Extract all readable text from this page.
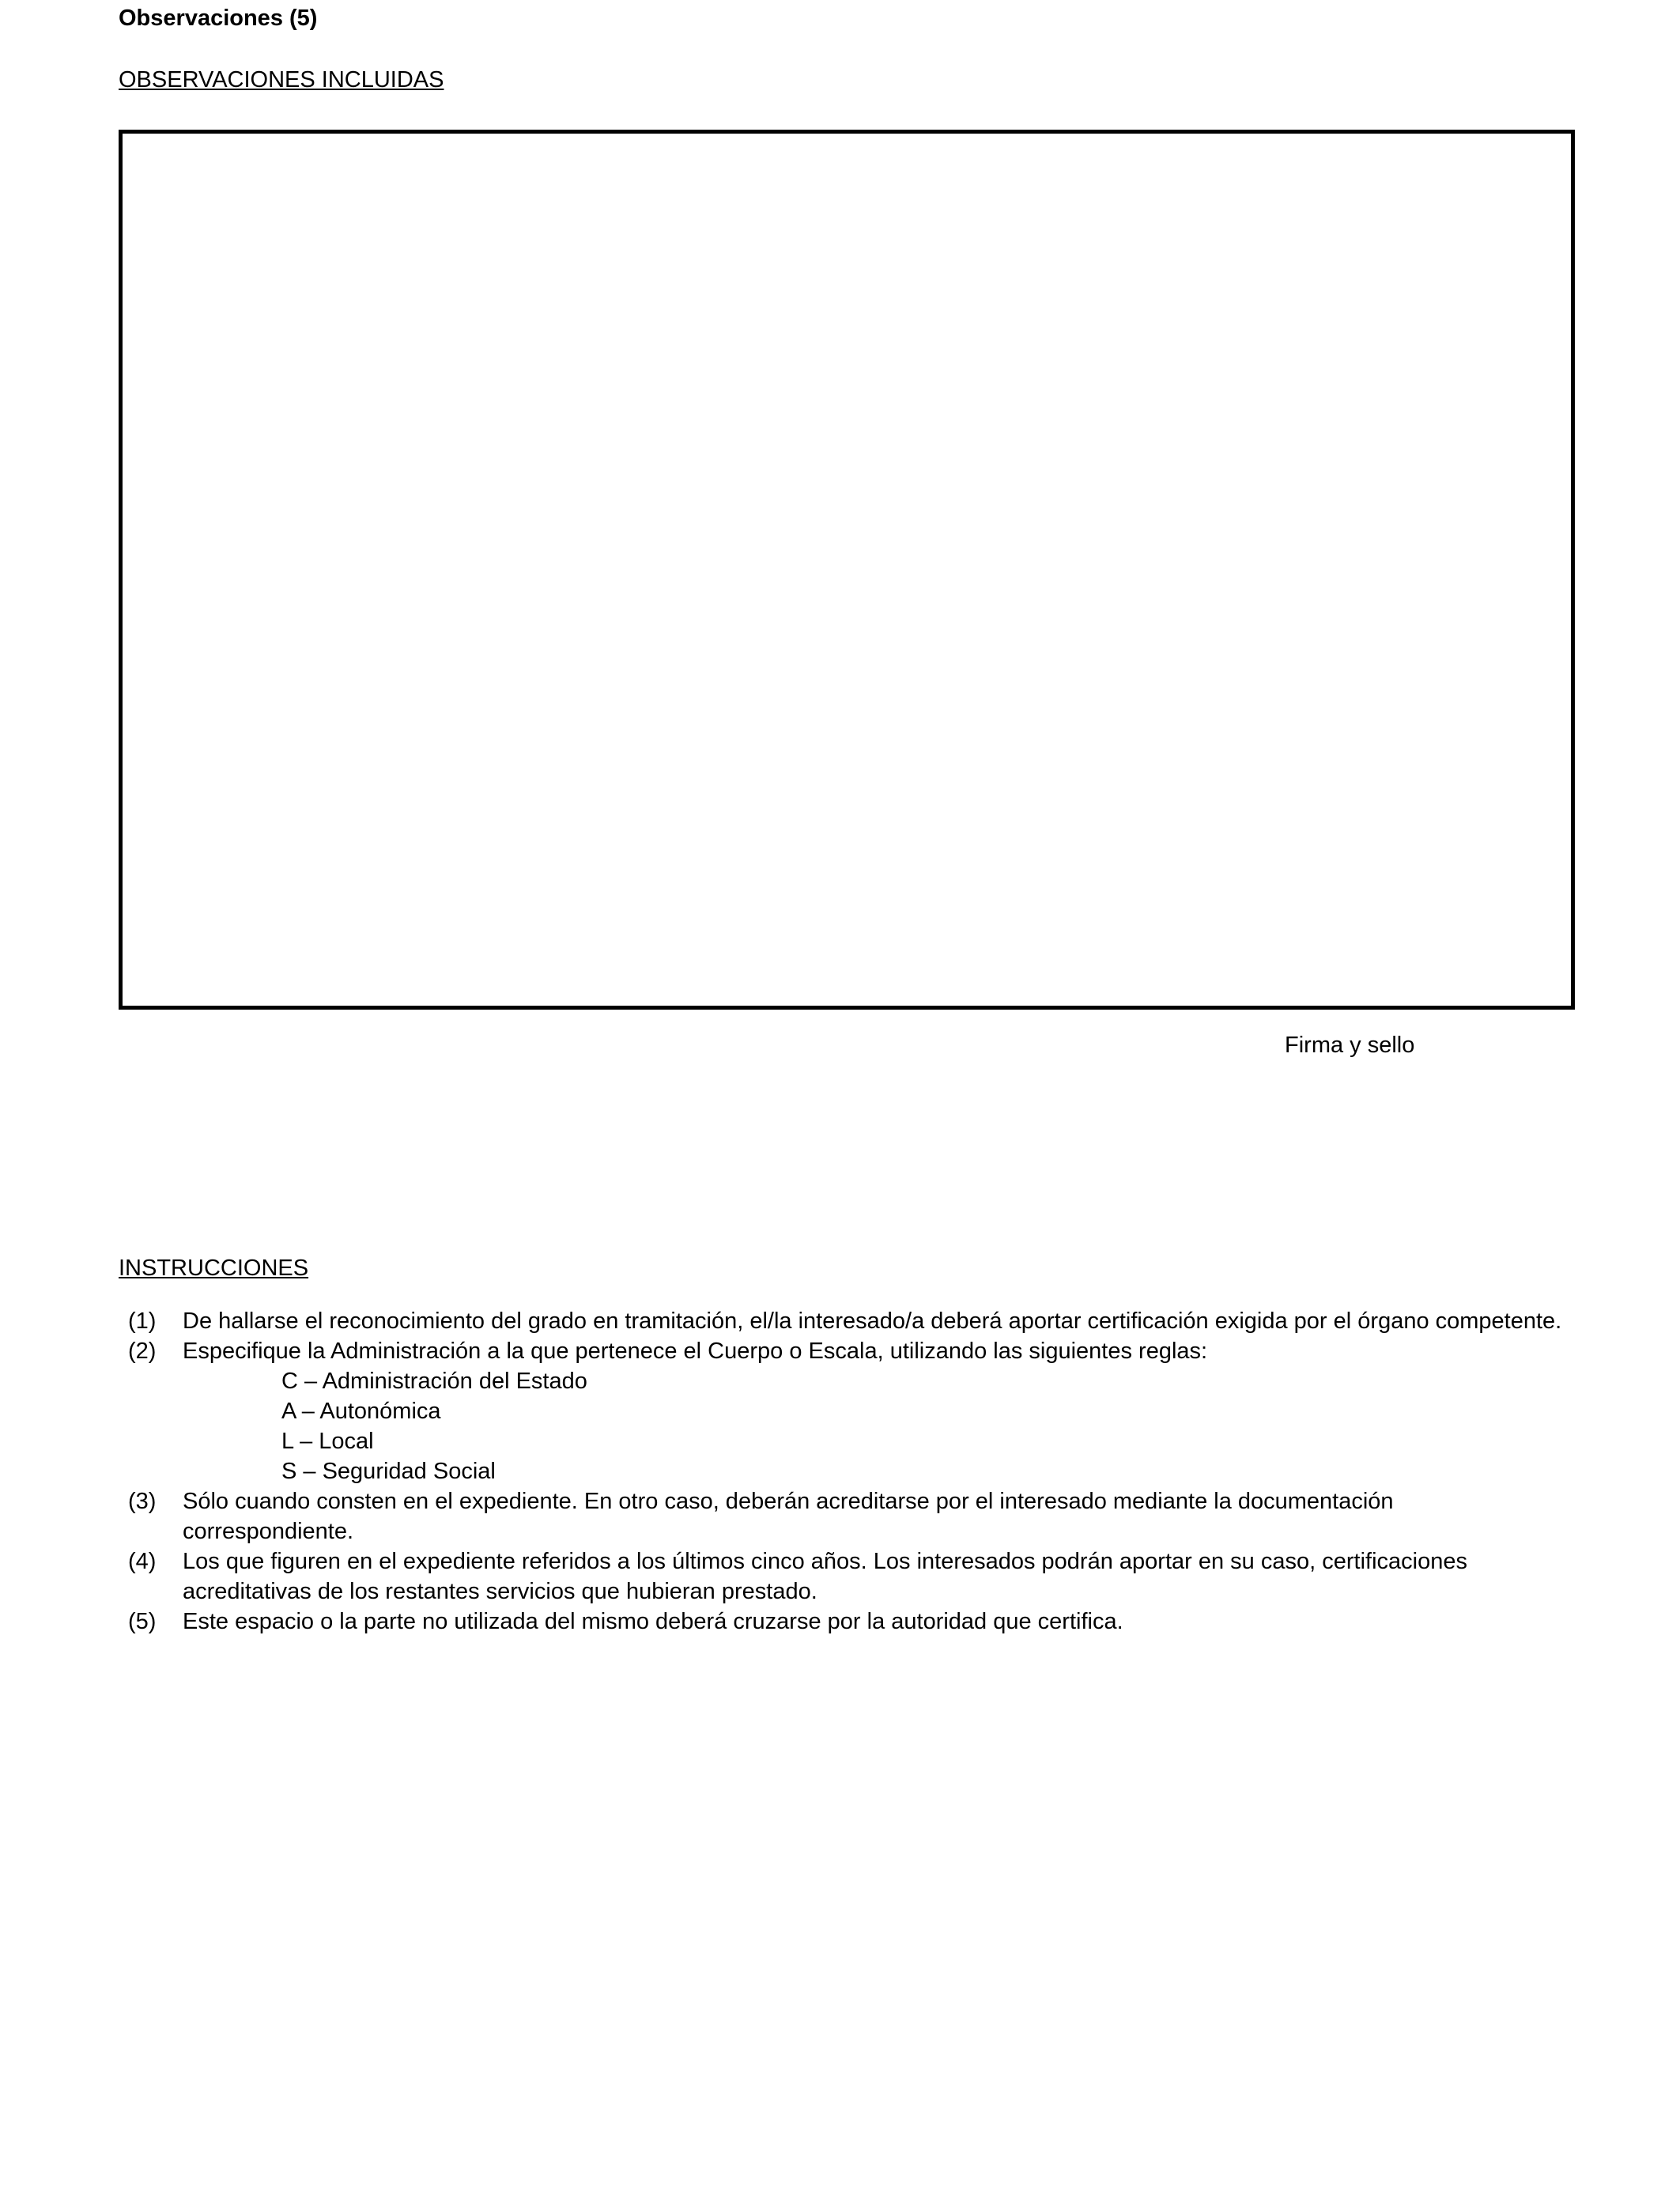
Observaciones (5)
OBSERVACIONES INCLUIDAS
Firma y sello
INSTRUCCIONES
(1)	De hallarse el reconocimiento del grado en tramitación, el/la interesado/a deberá aportar certificación exigida por el órgano competente.
(2)	Especifique la Administración a la que pertenece el Cuerpo o Escala, utilizando las siguientes reglas:
C – Administración del Estado
A – Autonómica
L – Local
S – Seguridad Social
(3)	Sólo cuando consten en el expediente. En otro caso, deberán acreditarse por el interesado mediante la documentación correspondiente.
(4)	Los que figuren en el expediente referidos a los últimos cinco años. Los interesados podrán aportar en su caso, certificaciones acreditativas de los restantes servicios que hubieran prestado.
(5)	Este espacio o la parte no utilizada del mismo deberá cruzarse por la autoridad que certifica.
